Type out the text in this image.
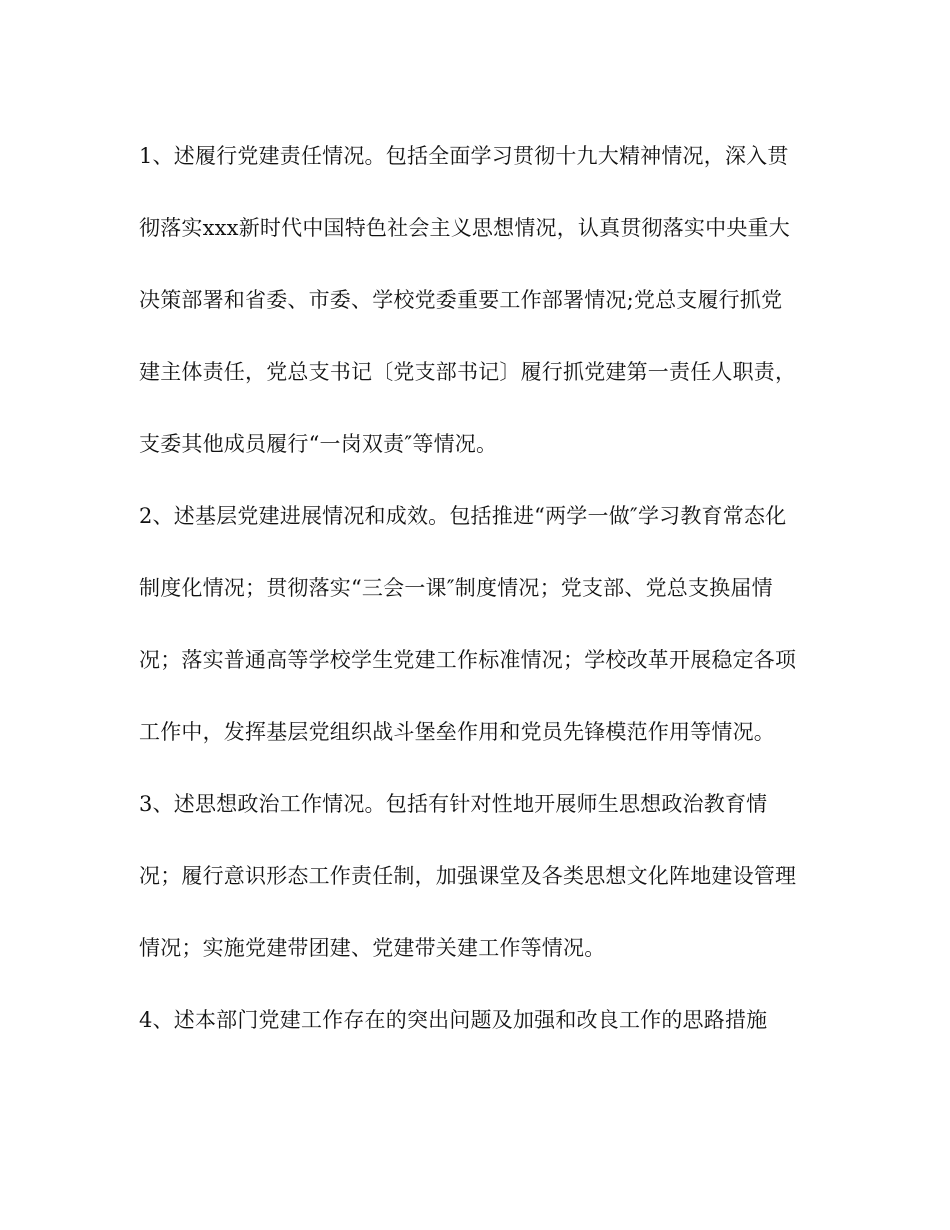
1、述履行党建责任情况。包括全面学习贯彻十九大精神情况，深入贯
彻落实xxx新时代中国特色社会主义思想情况，认真贯彻落实中央重大
决策部署和省委、市委、学校党委重要工作部署情况;党总支履行抓党
建主体责任，党总支书记〔党支部书记〕履行抓党建第一责任人职责，
支委其他成员履行“一岗双责″等情况。
2、述基层党建进展情况和成效。包括推进“两学一做″学习教育常态化
制度化情况；贯彻落实“三会一课″制度情况；党支部、党总支换届情
况；落实普通高等学校学生党建工作标准情况；学校改革开展稳定各项
工作中，发挥基层党组织战斗堡垒作用和党员先锋模范作用等情况。
3、述思想政治工作情况。包括有针对性地开展师生思想政治教育情
况；履行意识形态工作责任制，加强课堂及各类思想文化阵地建设管理
情况；实施党建带团建、党建带关建工作等情况。
4、述本部门党建工作存在的突出问题及加强和改良工作的思路措施
